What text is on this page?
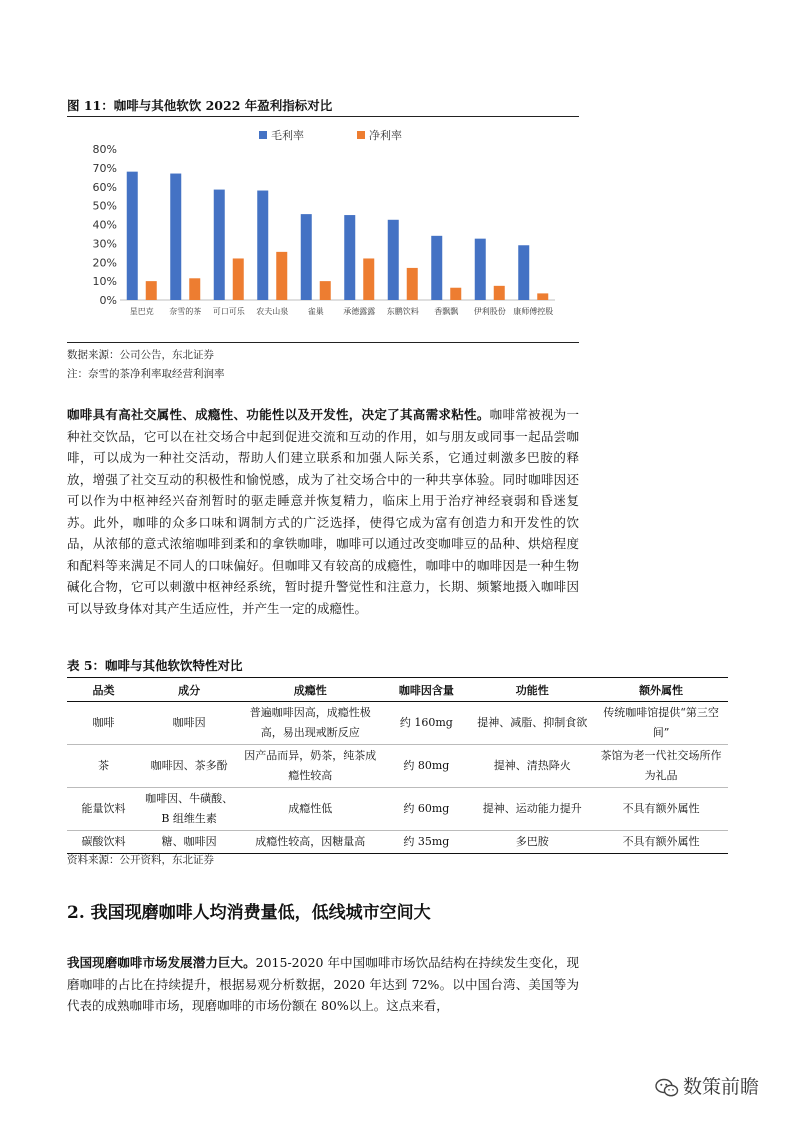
图 11：咖啡与其他软饮 2022 年盈利指标对比
0%
10%
20%
30%
40%
50%
60%
70%
80%
毛利率	净利率
星巴克 奈雪的茶 可口可乐 农夫山泉 雀巢 承德露露 东鹏饮料 香飘飘 伊利股份 康师傅控股
数据来源：公司公告，东北证券
注：奈雪的茶净利率取经营利润率
咖啡具有高社交属性、成瘾性、功能性以及开发性，决定了其高需求粘性。咖啡常被视为一种社交饮品，它可以在社交场合中起到促进交流和互动的作用，如与朋友或同事一起品尝咖啡，可以成为一种社交活动，帮助人们建立联系和加强人际关系，它通过刺激多巴胺的释放，增强了社交互动的积极性和愉悦感，成为了社交场合中的一种共享体验。同时咖啡因还可以作为中枢神经兴奋剂暂时的驱走睡意并恢复精力，临床上用于治疗神经衰弱和昏迷复苏。此外，咖啡的众多口味和调制方式的广泛选择，使得它成为富有创造力和开发性的饮品，从浓郁的意式浓缩咖啡到柔和的拿铁咖啡，咖啡可以通过改变咖啡豆的品种、烘焙程度和配料等来满足不同人的口味偏好。但咖啡又有较高的成瘾性，咖啡中的咖啡因是一种生物碱化合物，它可以刺激中枢神经系统，暂时提升警觉性和注意力，长期、频繁地摄入咖啡因可以导致身体对其产生适应性，并产生一定的成瘾性。
表 5：咖啡与其他软饮特性对比
品类	成分	成瘾性	咖啡因含量	功能性	额外属性
咖啡	咖啡因	普遍咖啡因高，成瘾性极高，易出现戒断反应	约 160mg	提神、减脂、抑制食欲	传统咖啡馆提供“第三空间”
茶	咖啡因、茶多酚	因产品而异，奶茶，纯茶成瘾性较高	约 80mg	提神、清热降火	茶馆为老一代社交场所作为礼品
能量饮料	咖啡因、牛磺酸、B 组维生素	成瘾性低	约 60mg	提神、运动能力提升	不具有额外属性
碳酸饮料	糖、咖啡因	成瘾性较高，因糖量高	约 35mg	多巴胺	不具有额外属性
资料来源：公开资料，东北证券
2. 我国现磨咖啡人均消费量低，低线城市空间大
我国现磨咖啡市场发展潜力巨大。2015-2020 年中国咖啡市场饮品结构在持续发生变化，现磨咖啡的占比在持续提升，根据易观分析数据，2020 年达到 72%。以中国台湾、美国等为代表的成熟咖啡市场，现磨咖啡的市场份额在 80%以上。这点来看，
数策前瞻
